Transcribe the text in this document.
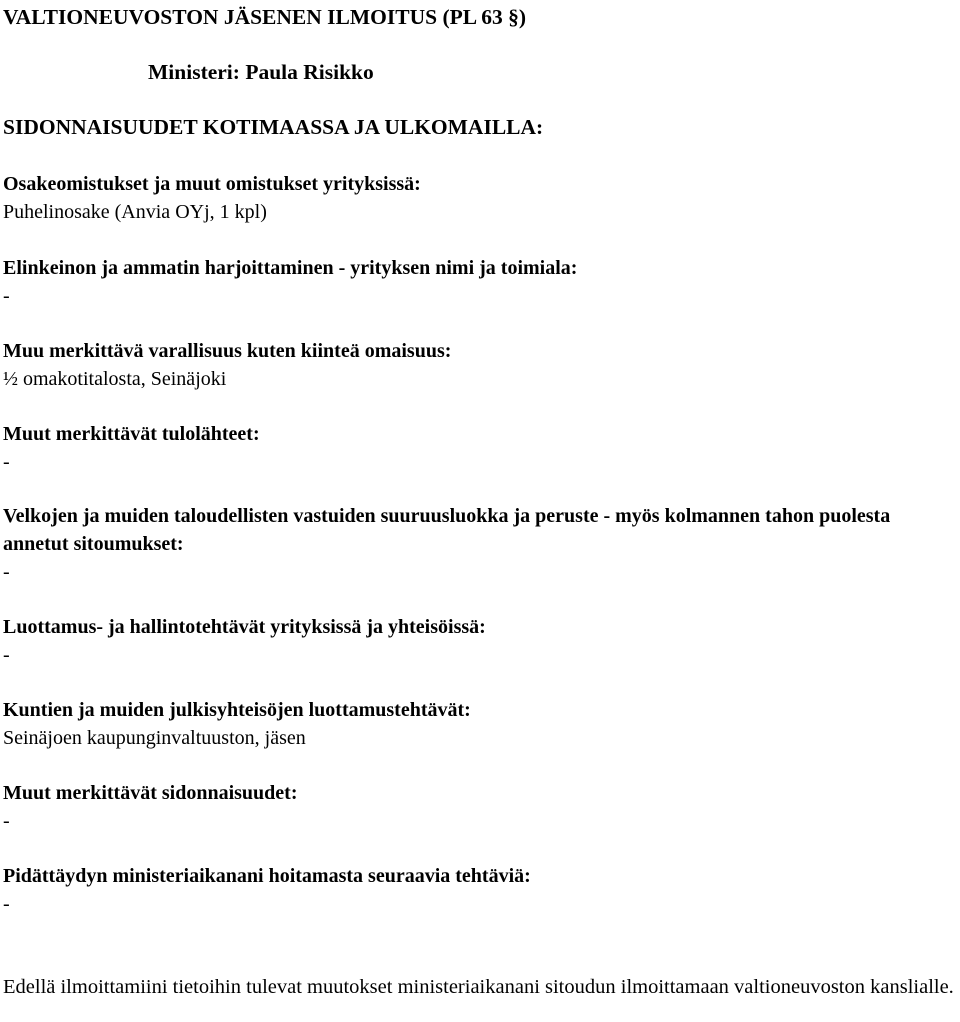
VALTIONEUVOSTON JÄSENEN ILMOITUS (PL 63 §)
Ministeri: Paula Risikko
SIDONNAISUUDET KOTIMAASSA JA ULKOMAILLA:

Osakeomistukset ja muut omistukset yrityksissä:

Puhelinosake (Anvia OYj, 1 kpl)

Elinkeinon ja ammatin harjoittaminen - yrityksen nimi ja toimiala:

-

Muu merkittävä varallisuus kuten kiinteä omaisuus:

½ omakotitalosta, Seinäjoki

Muut merkittävät tulolähteet:

-

Velkojen ja muiden taloudellisten vastuiden suuruusluokka ja peruste - myös kolmannen tahon puolesta annetut sitoumukset:

-

Luottamus- ja hallintotehtävät yrityksissä ja yhteisöissä:

-

Kuntien ja muiden julkisyhteisöjen luottamustehtävät:

Seinäjoen kaupunginvaltuuston, jäsen

Muut merkittävät sidonnaisuudet:

-

Pidättäydyn ministeriaikanani hoitamasta seuraavia tehtäviä:

-

Edellä ilmoittamiini tietoihin tulevat muutokset ministeriaikanani sitoudun ilmoittamaan valtioneuvoston kanslialle.
